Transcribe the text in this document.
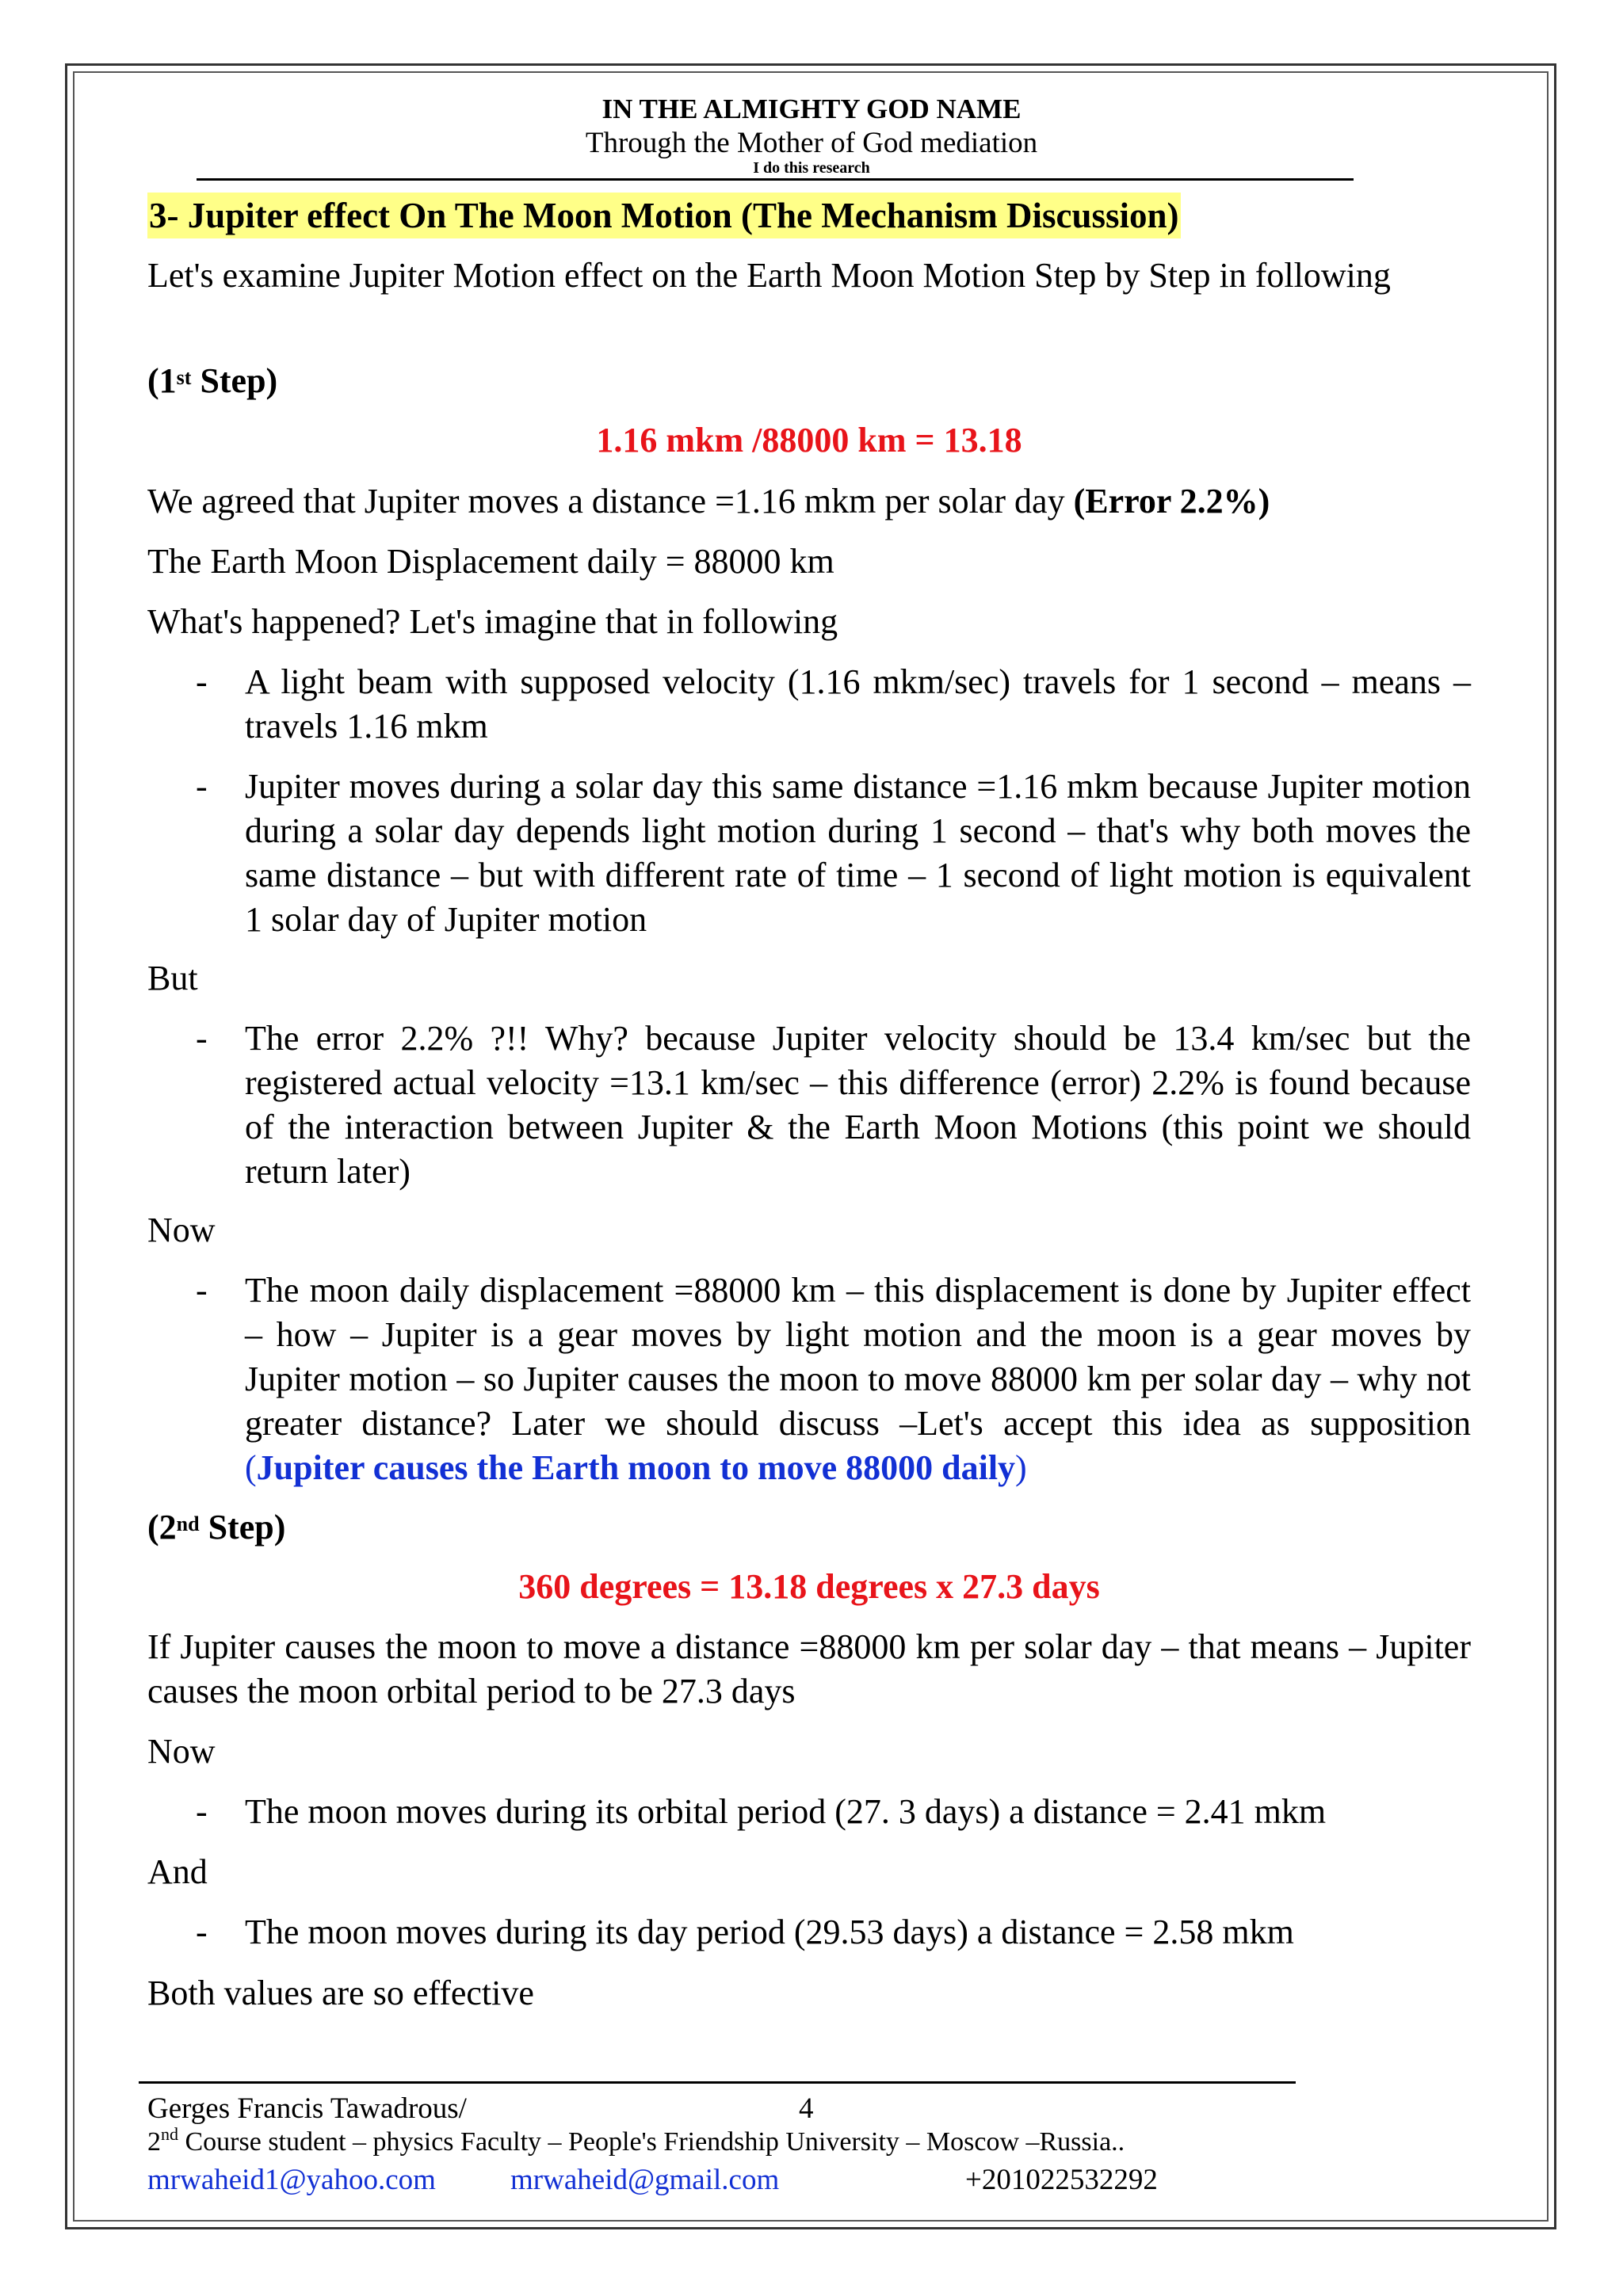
IN THE ALMIGHTY GOD NAME
Through the Mother of God mediation
I do this research
3- Jupiter effect On The Moon Motion (The Mechanism Discussion)
Let's examine Jupiter Motion effect on the Earth Moon Motion Step by Step in following
(1st Step)
1.16 mkm /88000 km = 13.18
We agreed that Jupiter moves a distance =1.16 mkm per solar day (Error 2.2%)
The Earth Moon Displacement daily = 88000 km
What's happened? Let's imagine that in following
- A light beam with supposed velocity (1.16 mkm/sec) travels for 1 second – means – travels 1.16 mkm
- Jupiter moves during a solar day this same distance =1.16 mkm because Jupiter motion during a solar day depends light motion during 1 second – that's why both moves the same distance – but with different rate of time – 1 second of light motion is equivalent 1 solar day of Jupiter motion
But
- The error 2.2% ?!! Why? because Jupiter velocity should be 13.4 km/sec but the registered actual velocity =13.1 km/sec – this difference (error) 2.2% is found because of the interaction between Jupiter & the Earth Moon Motions (this point we should return later)
Now
- The moon daily displacement =88000 km – this displacement is done by Jupiter effect – how – Jupiter is a gear moves by light motion and the moon is a gear moves by Jupiter motion – so Jupiter causes the moon to move 88000 km per solar day – why not greater distance? Later we should discuss –Let's accept this idea as supposition (Jupiter causes the Earth moon to move 88000 daily)
(2nd Step)
360 degrees = 13.18 degrees x 27.3 days
If Jupiter causes the moon to move a distance =88000 km per solar day – that means – Jupiter causes the moon orbital period to be 27.3 days
Now
- The moon moves during its orbital period (27. 3 days) a distance = 2.41 mkm
And
- The moon moves during its day period (29.53 days) a distance = 2.58 mkm
Both values are so effective
Gerges Francis Tawadrous/	4
2nd Course student – physics Faculty – People's Friendship University – Moscow –Russia..
mrwaheid1@yahoo.com	mrwaheid@gmail.com	+201022532292
